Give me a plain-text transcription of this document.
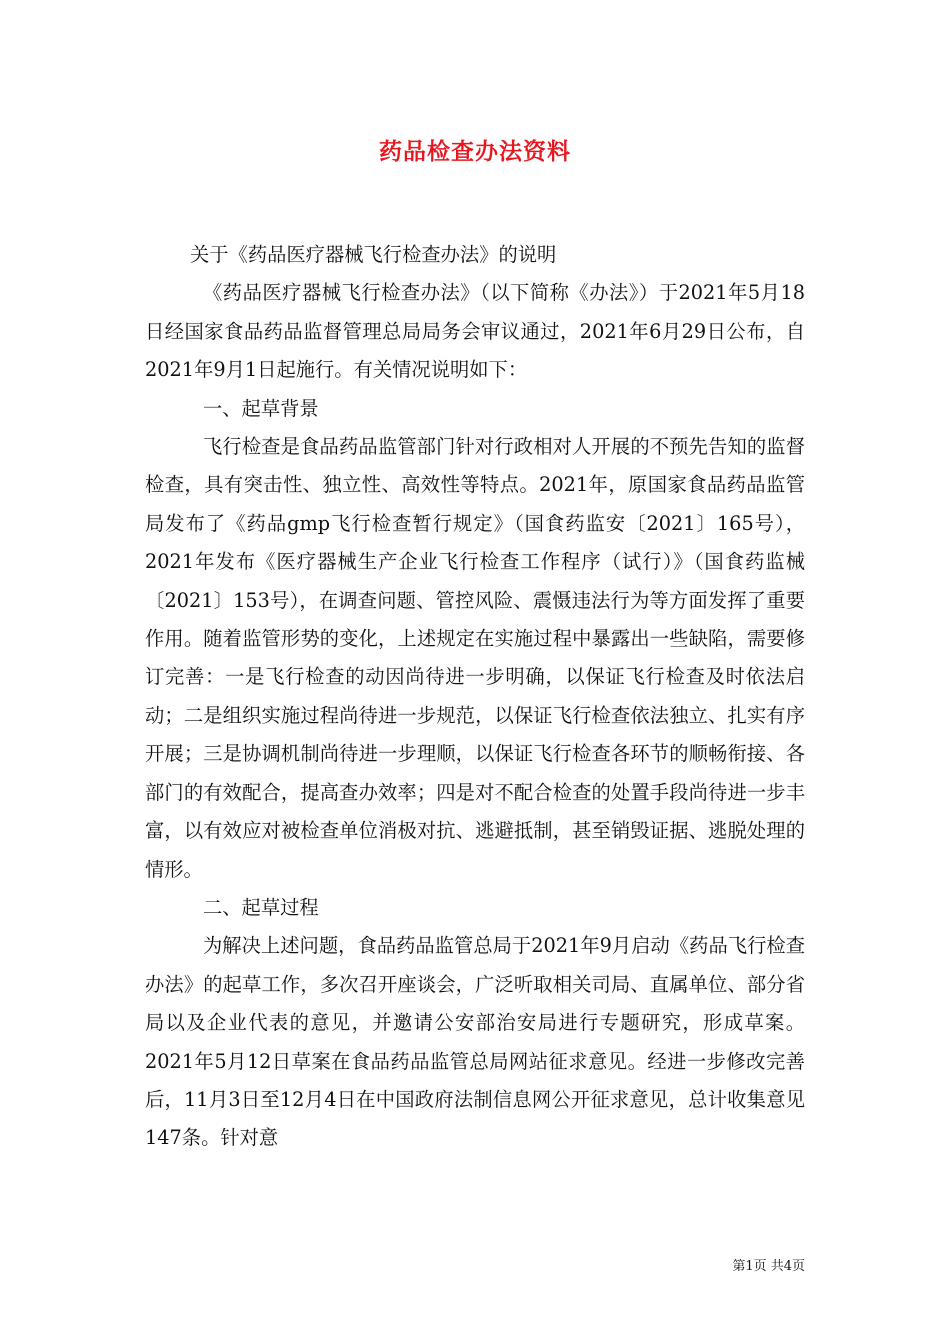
药品检查办法资料

关于《药品医疗器械飞行检查办法》的说明

《药品医疗器械飞行检查办法》（以下简称《办法》）于2021年5月18日经国家食品药品监督管理总局局务会审议通过，2021年6月29日公布，自2021年9月1日起施行。有关情况说明如下：

一、起草背景

飞行检查是食品药品监管部门针对行政相对人开展的不预先告知的监督检查，具有突击性、独立性、高效性等特点。2021年，原国家食品药品监管局发布了《药品gmp飞行检查暂行规定》（国食药监安〔2021〕165号），2021年发布《医疗器械生产企业飞行检查工作程序（试行）》（国食药监械〔2021〕153号），在调查问题、管控风险、震慑违法行为等方面发挥了重要作用。随着监管形势的变化，上述规定在实施过程中暴露出一些缺陷，需要修订完善：一是飞行检查的动因尚待进一步明确，以保证飞行检查及时依法启动；二是组织实施过程尚待进一步规范，以保证飞行检查依法独立、扎实有序开展；三是协调机制尚待进一步理顺，以保证飞行检查各环节的顺畅衔接、各部门的有效配合，提高查办效率；四是对不配合检查的处置手段尚待进一步丰富，以有效应对被检查单位消极对抗、逃避抵制，甚至销毁证据、逃脱处理的情形。

二、起草过程

为解决上述问题，食品药品监管总局于2021年9月启动《药品飞行检查办法》的起草工作，多次召开座谈会，广泛听取相关司局、直属单位、部分省局以及企业代表的意见，并邀请公安部治安局进行专题研究，形成草案。2021年5月12日草案在食品药品监管总局网站征求意见。经进一步修改完善后，11月3日至12月4日在中国政府法制信息网公开征求意见，总计收集意见147条。针对意

第1页 共4页
